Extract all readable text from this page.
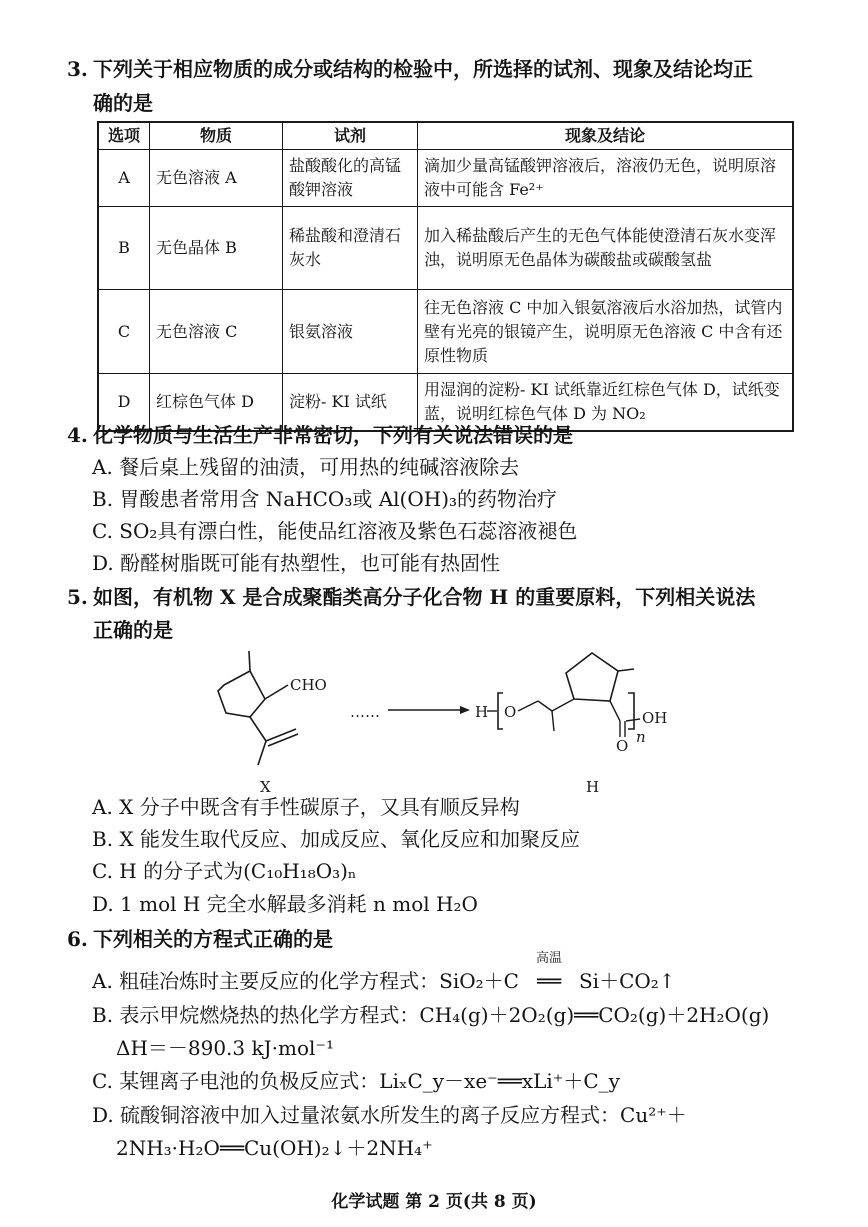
3. 下列关于相应物质的成分或结构的检验中，所选择的试剂、现象及结论均正
确的是
选项	物质	试剂	现象及结论
A	无色溶液 A	盐酸酸化的高锰酸钾溶液	滴加少量高锰酸钾溶液后，溶液仍无色，说明原溶液中可能含 Fe²⁺
B	无色晶体 B	稀盐酸和澄清石灰水	加入稀盐酸后产生的无色气体能使澄清石灰水变浑浊，说明原无色晶体为碳酸盐或碳酸氢盐
C	无色溶液 C	银氨溶液	往无色溶液 C 中加入银氨溶液后水浴加热，试管内壁有光亮的银镜产生，说明原无色溶液 C 中含有还原性物质
D	红棕色气体 D	淀粉- KI 试纸	用湿润的淀粉- KI 试纸靠近红棕色气体 D，试纸变蓝，说明红棕色气体 D 为 NO₂
4. 化学物质与生活生产非常密切，下列有关说法错误的是
A. 餐后桌上残留的油渍，可用热的纯碱溶液除去
B. 胃酸患者常用含 NaHCO₃或 Al(OH)₃的药物治疗
C. SO₂具有漂白性，能使品红溶液及紫色石蕊溶液褪色
D. 酚醛树脂既可能有热塑性，也可能有热固性
5. 如图，有机物 X 是合成聚酯类高分子化合物 H 的重要原料，下列相关说法
正确的是
CHO
X
……	H O
O n
OH
H
A. X 分子中既含有手性碳原子，又具有顺反异构
B. X 能发生取代反应、加成反应、氧化反应和加聚反应
C. H 的分子式为(C₁₀H₁₈O₃)ₙ
D. 1 mol H 完全水解最多消耗 n mol H₂O
6. 下列相关的方程式正确的是
A. 粗硅冶炼时主要反应的化学方程式：SiO₂＋C
高温
══ Si＋CO₂↑
B. 表示甲烷燃烧热的热化学方程式：CH₄(g)＋2O₂(g)══CO₂(g)＋2H₂O(g)
ΔH＝－890.3 kJ·mol⁻¹
C. 某锂离子电池的负极反应式：LiₓC_y－xe⁻══xLi⁺＋C_y
D. 硫酸铜溶液中加入过量浓氨水所发生的离子反应方程式：Cu²⁺＋
2NH₃·H₂O══Cu(OH)₂↓＋2NH₄⁺
化学试题 第 2 页(共 8 页)
